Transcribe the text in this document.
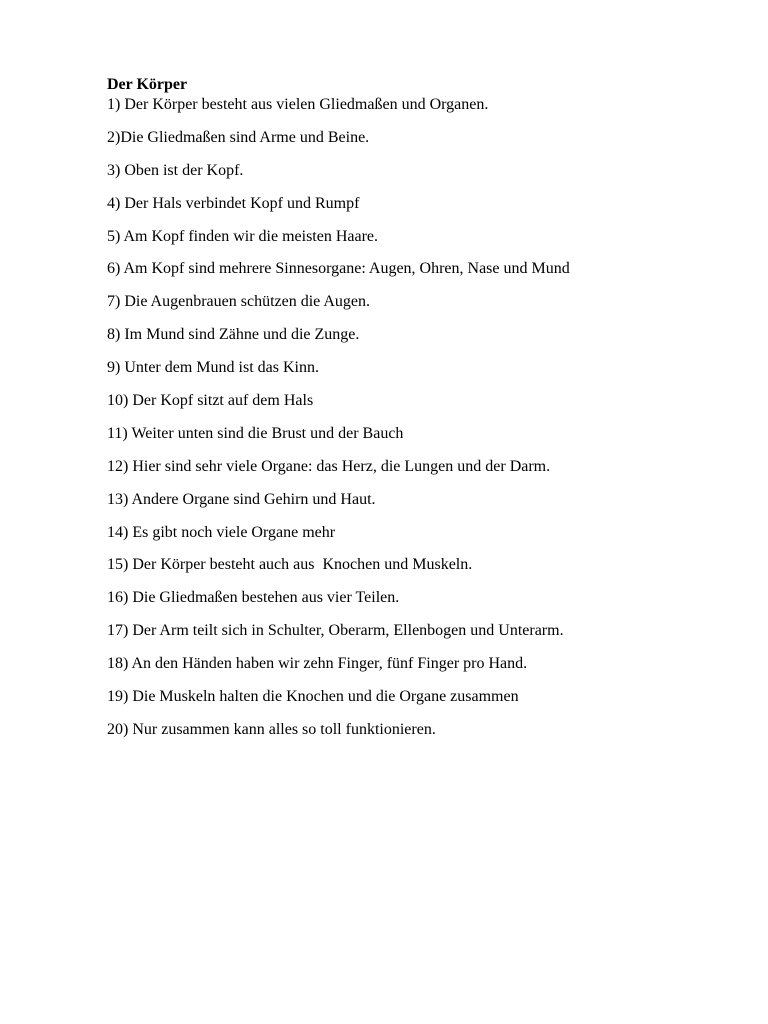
Der Körper
1) Der Körper besteht aus vielen Gliedmaßen und Organen.
2)Die Gliedmaßen sind Arme und Beine.
3) Oben ist der Kopf.
4) Der Hals verbindet Kopf und Rumpf
5) Am Kopf finden wir die meisten Haare.
6) Am Kopf sind mehrere Sinnesorgane: Augen, Ohren, Nase und Mund
7) Die Augenbrauen schützen die Augen.
8) Im Mund sind Zähne und die Zunge.
9) Unter dem Mund ist das Kinn.
10) Der Kopf sitzt auf dem Hals
11) Weiter unten sind die Brust und der Bauch
12) Hier sind sehr viele Organe: das Herz, die Lungen und der Darm.
13) Andere Organe sind Gehirn und Haut.
14) Es gibt noch viele Organe mehr
15) Der Körper besteht auch aus  Knochen und Muskeln.
16) Die Gliedmaßen bestehen aus vier Teilen.
17) Der Arm teilt sich in Schulter, Oberarm, Ellenbogen und Unterarm.
18) An den Händen haben wir zehn Finger, fünf Finger pro Hand.
19) Die Muskeln halten die Knochen und die Organe zusammen
20) Nur zusammen kann alles so toll funktionieren.
